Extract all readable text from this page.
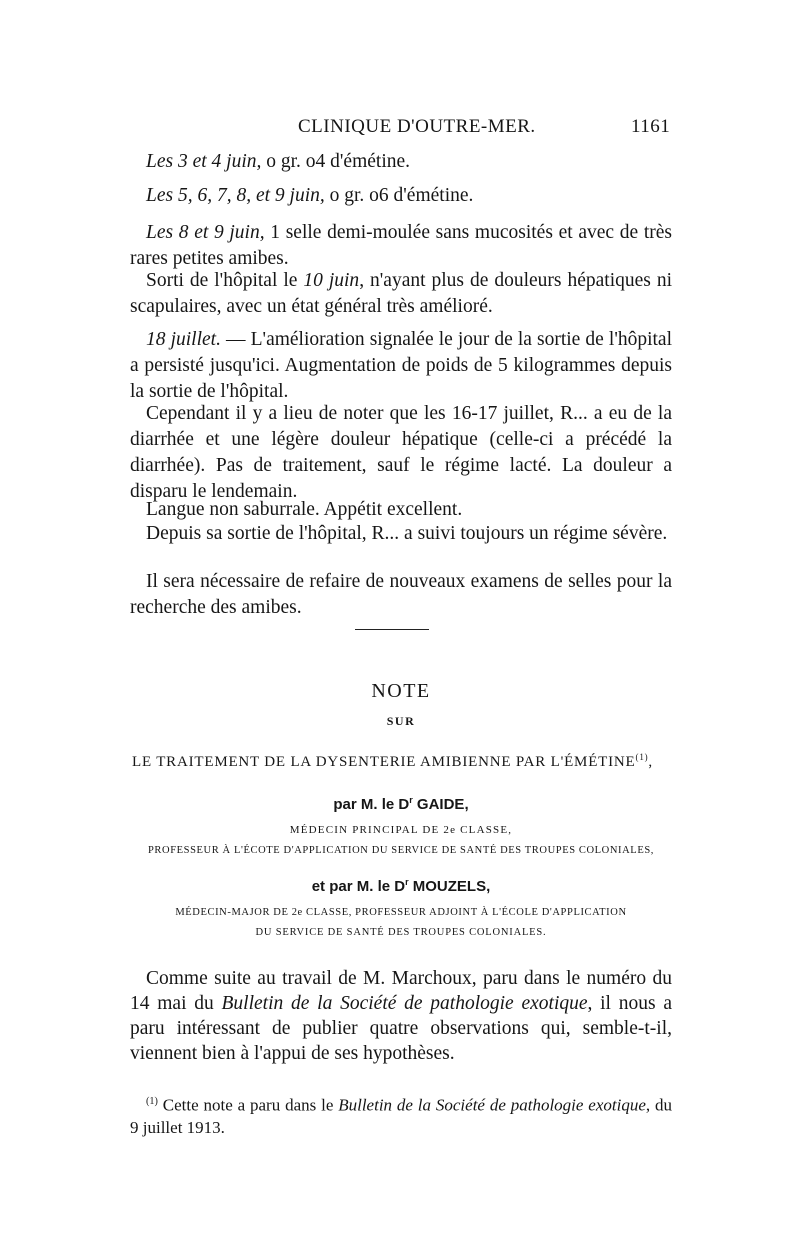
CLINIQUE D'OUTRE-MER.	1161
Les 3 et 4 juin, o gr. o4 d'émétine.
Les 5, 6, 7, 8, et 9 juin, o gr. o6 d'émétine.
Les 8 et 9 juin, 1 selle demi-moulée sans mucosités et avec de très rares petites amibes.
Sorti de l'hôpital le 10 juin, n'ayant plus de douleurs hépatiques ni scapulaires, avec un état général très amélioré.
18 juillet. — L'amélioration signalée le jour de la sortie de l'hôpital a persisté jusqu'ici. Augmentation de poids de 5 kilogrammes depuis la sortie de l'hôpital.
Cependant il y a lieu de noter que les 16-17 juillet, R... a eu de la diarrhée et une légère douleur hépatique (celle-ci a précédé la diarrhée). Pas de traitement, sauf le régime lacté. La douleur a disparu le lendemain.
Langue non saburrale. Appétit excellent.
Depuis sa sortie de l'hôpital, R... a suivi toujours un régime sévère.
Il sera nécessaire de refaire de nouveaux examens de selles pour la recherche des amibes.
NOTE
SUR
LE TRAITEMENT DE LA DYSENTERIE AMIBIENNE PAR L'ÉMÉTINE$^{(1)}$,
par M. le $D^r$ GAIDE,
MÉDECIN PRINCIPAL DE 2e CLASSE,
PROFESSEUR À L'ÉCOTE D'APPLICATION DU SERVICE DE SANTÉ DES TROUPES COLONIALES,
et par M. le $D^r$ MOUZELS,
MÉDECIN-MAJOR DE 2e CLASSE, PROFESSEUR ADJOINT À L'ÉCOLE D'APPLICATION
DU SERVICE DE SANTÉ DES TROUPES COLONIALES.
Comme suite au travail de M. Marchoux, paru dans le numéro du 14 mai du Bulletin de la Société de pathologie exotique, il nous a paru intéressant de publier quatre observations qui, semble-t-il, viennent bien à l'appui de ses hypothèses.
$^{(1)}$ Cette note a paru dans le Bulletin de la Société de pathologie exotique, du 9 juillet 1913.
